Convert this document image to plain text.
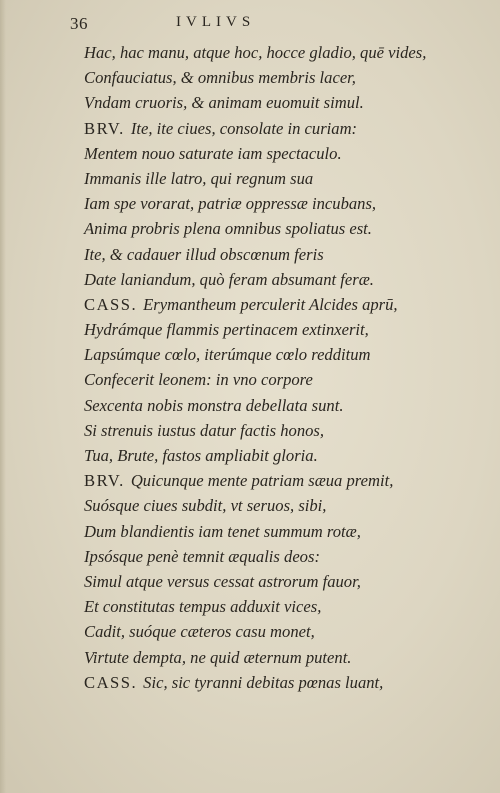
36	IVLIVS
Hac, hac manu, atque hoc, hocce gladio, quē vides,
Confauciatus, & omnibus membris lacer,
Vndam cruoris, & animam euomuit simul.
BRV. Ite, ite ciues, consolate in curiam:
Mentem nouo saturate iam spectaculo.
Immanis ille latro, qui regnum sua
Iam spe vorarat, patriæ oppressæ incubans,
Anima probris plena omnibus spoliatus est.
Ite, & cadauer illud obscœnum feris
Date laniandum, quò feram absumant feræ.
CASS. Erymantheum perculerit Alcides aprū,
Hydrámque flammis pertinacem extinxerit,
Lapsúmque cœlo, iterúmque cœlo redditum
Confecerit leonem: in vno corpore
Sexcenta nobis monstra debellata sunt.
Si strenuis iustus datur factis honos,
Tua, Brute, fastos ampliabit gloria.
BRV. Quicunque mente patriam sæua premit,
Suósque ciues subdit, vt seruos, sibi,
Dum blandientis iam tenet summum rotæ,
Ipsósque penè temnit æqualis deos:
Simul atque versus cessat astrorum fauor,
Et constitutas tempus adduxit vices,
Cadit, suóque cæteros casu monet,
Virtute dempta, ne quid æternum putent.
CASS. Sic, sic tyranni debitas pœnas luant,
